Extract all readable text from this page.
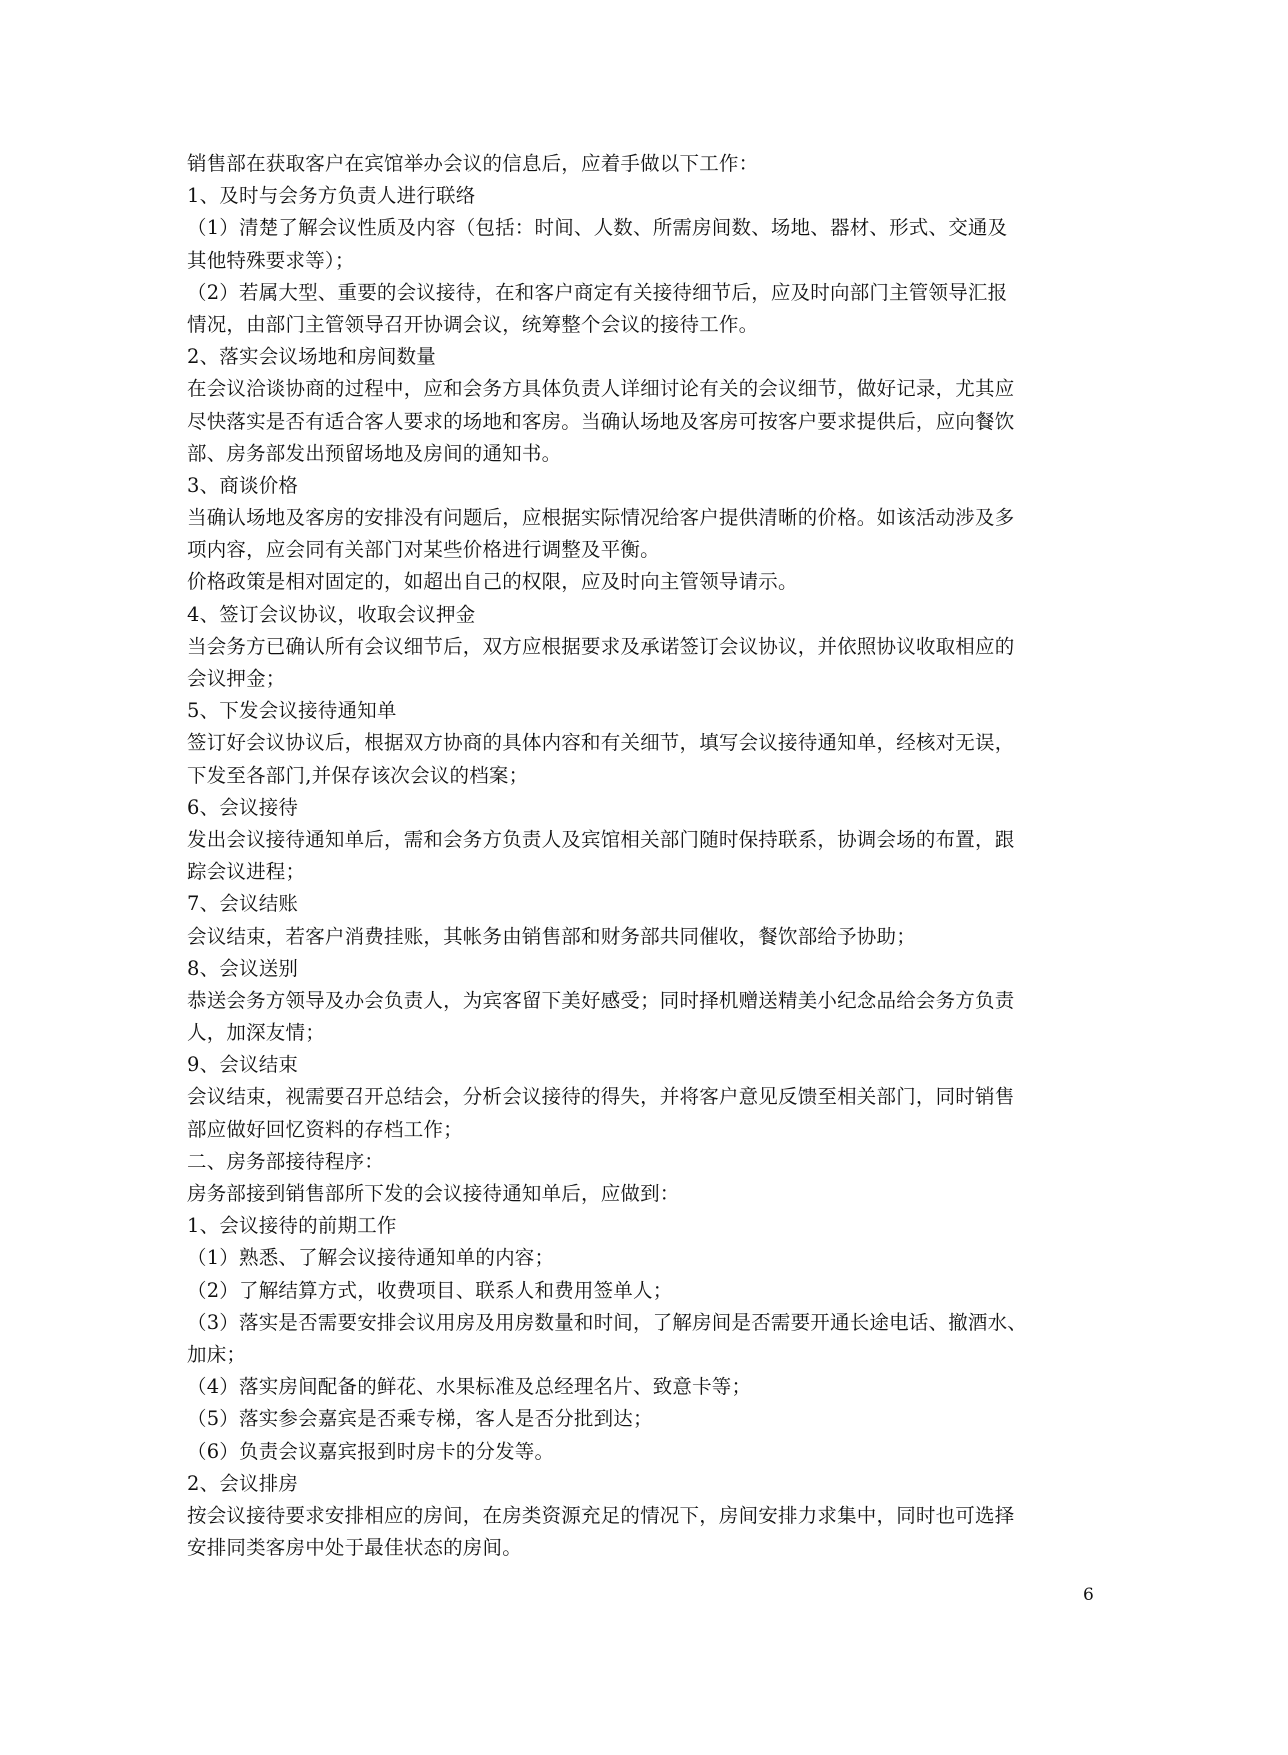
销售部在获取客户在宾馆举办会议的信息后，应着手做以下工作：
1、及时与会务方负责人进行联络
（1）清楚了解会议性质及内容（包括：时间、人数、所需房间数、场地、器材、形式、交通及
其他特殊要求等）；
（2）若属大型、重要的会议接待，在和客户商定有关接待细节后，应及时向部门主管领导汇报
情况，由部门主管领导召开协调会议，统筹整个会议的接待工作。
2、落实会议场地和房间数量
在会议洽谈协商的过程中，应和会务方具体负责人详细讨论有关的会议细节，做好记录，尤其应
尽快落实是否有适合客人要求的场地和客房。当确认场地及客房可按客户要求提供后，应向餐饮
部、房务部发出预留场地及房间的通知书。
3、商谈价格
当确认场地及客房的安排没有问题后，应根据实际情况给客户提供清晰的价格。如该活动涉及多
项内容，应会同有关部门对某些价格进行调整及平衡。
价格政策是相对固定的，如超出自己的权限，应及时向主管领导请示。
4、签订会议协议，收取会议押金
当会务方已确认所有会议细节后，双方应根据要求及承诺签订会议协议，并依照协议收取相应的
会议押金；
5、下发会议接待通知单
签订好会议协议后，根据双方协商的具体内容和有关细节，填写会议接待通知单，经核对无误，
下发至各部门,并保存该次会议的档案；
6、会议接待
发出会议接待通知单后，需和会务方负责人及宾馆相关部门随时保持联系，协调会场的布置，跟
踪会议进程；
7、会议结账
会议结束，若客户消费挂账，其帐务由销售部和财务部共同催收，餐饮部给予协助；
8、会议送别
恭送会务方领导及办会负责人，为宾客留下美好感受；同时择机赠送精美小纪念品给会务方负责
人，加深友情；
9、会议结束
会议结束，视需要召开总结会，分析会议接待的得失，并将客户意见反馈至相关部门，同时销售
部应做好回忆资料的存档工作；
二、房务部接待程序：
房务部接到销售部所下发的会议接待通知单后，应做到：
1、会议接待的前期工作
（1）熟悉、了解会议接待通知单的内容；
（2）了解结算方式，收费项目、联系人和费用签单人；
（3）落实是否需要安排会议用房及用房数量和时间，了解房间是否需要开通长途电话、撤酒水、
加床；
（4）落实房间配备的鲜花、水果标准及总经理名片、致意卡等；
（5）落实参会嘉宾是否乘专梯，客人是否分批到达；
（6）负责会议嘉宾报到时房卡的分发等。
2、会议排房
按会议接待要求安排相应的房间，在房类资源充足的情况下，房间安排力求集中，同时也可选择
安排同类客房中处于最佳状态的房间。
6
